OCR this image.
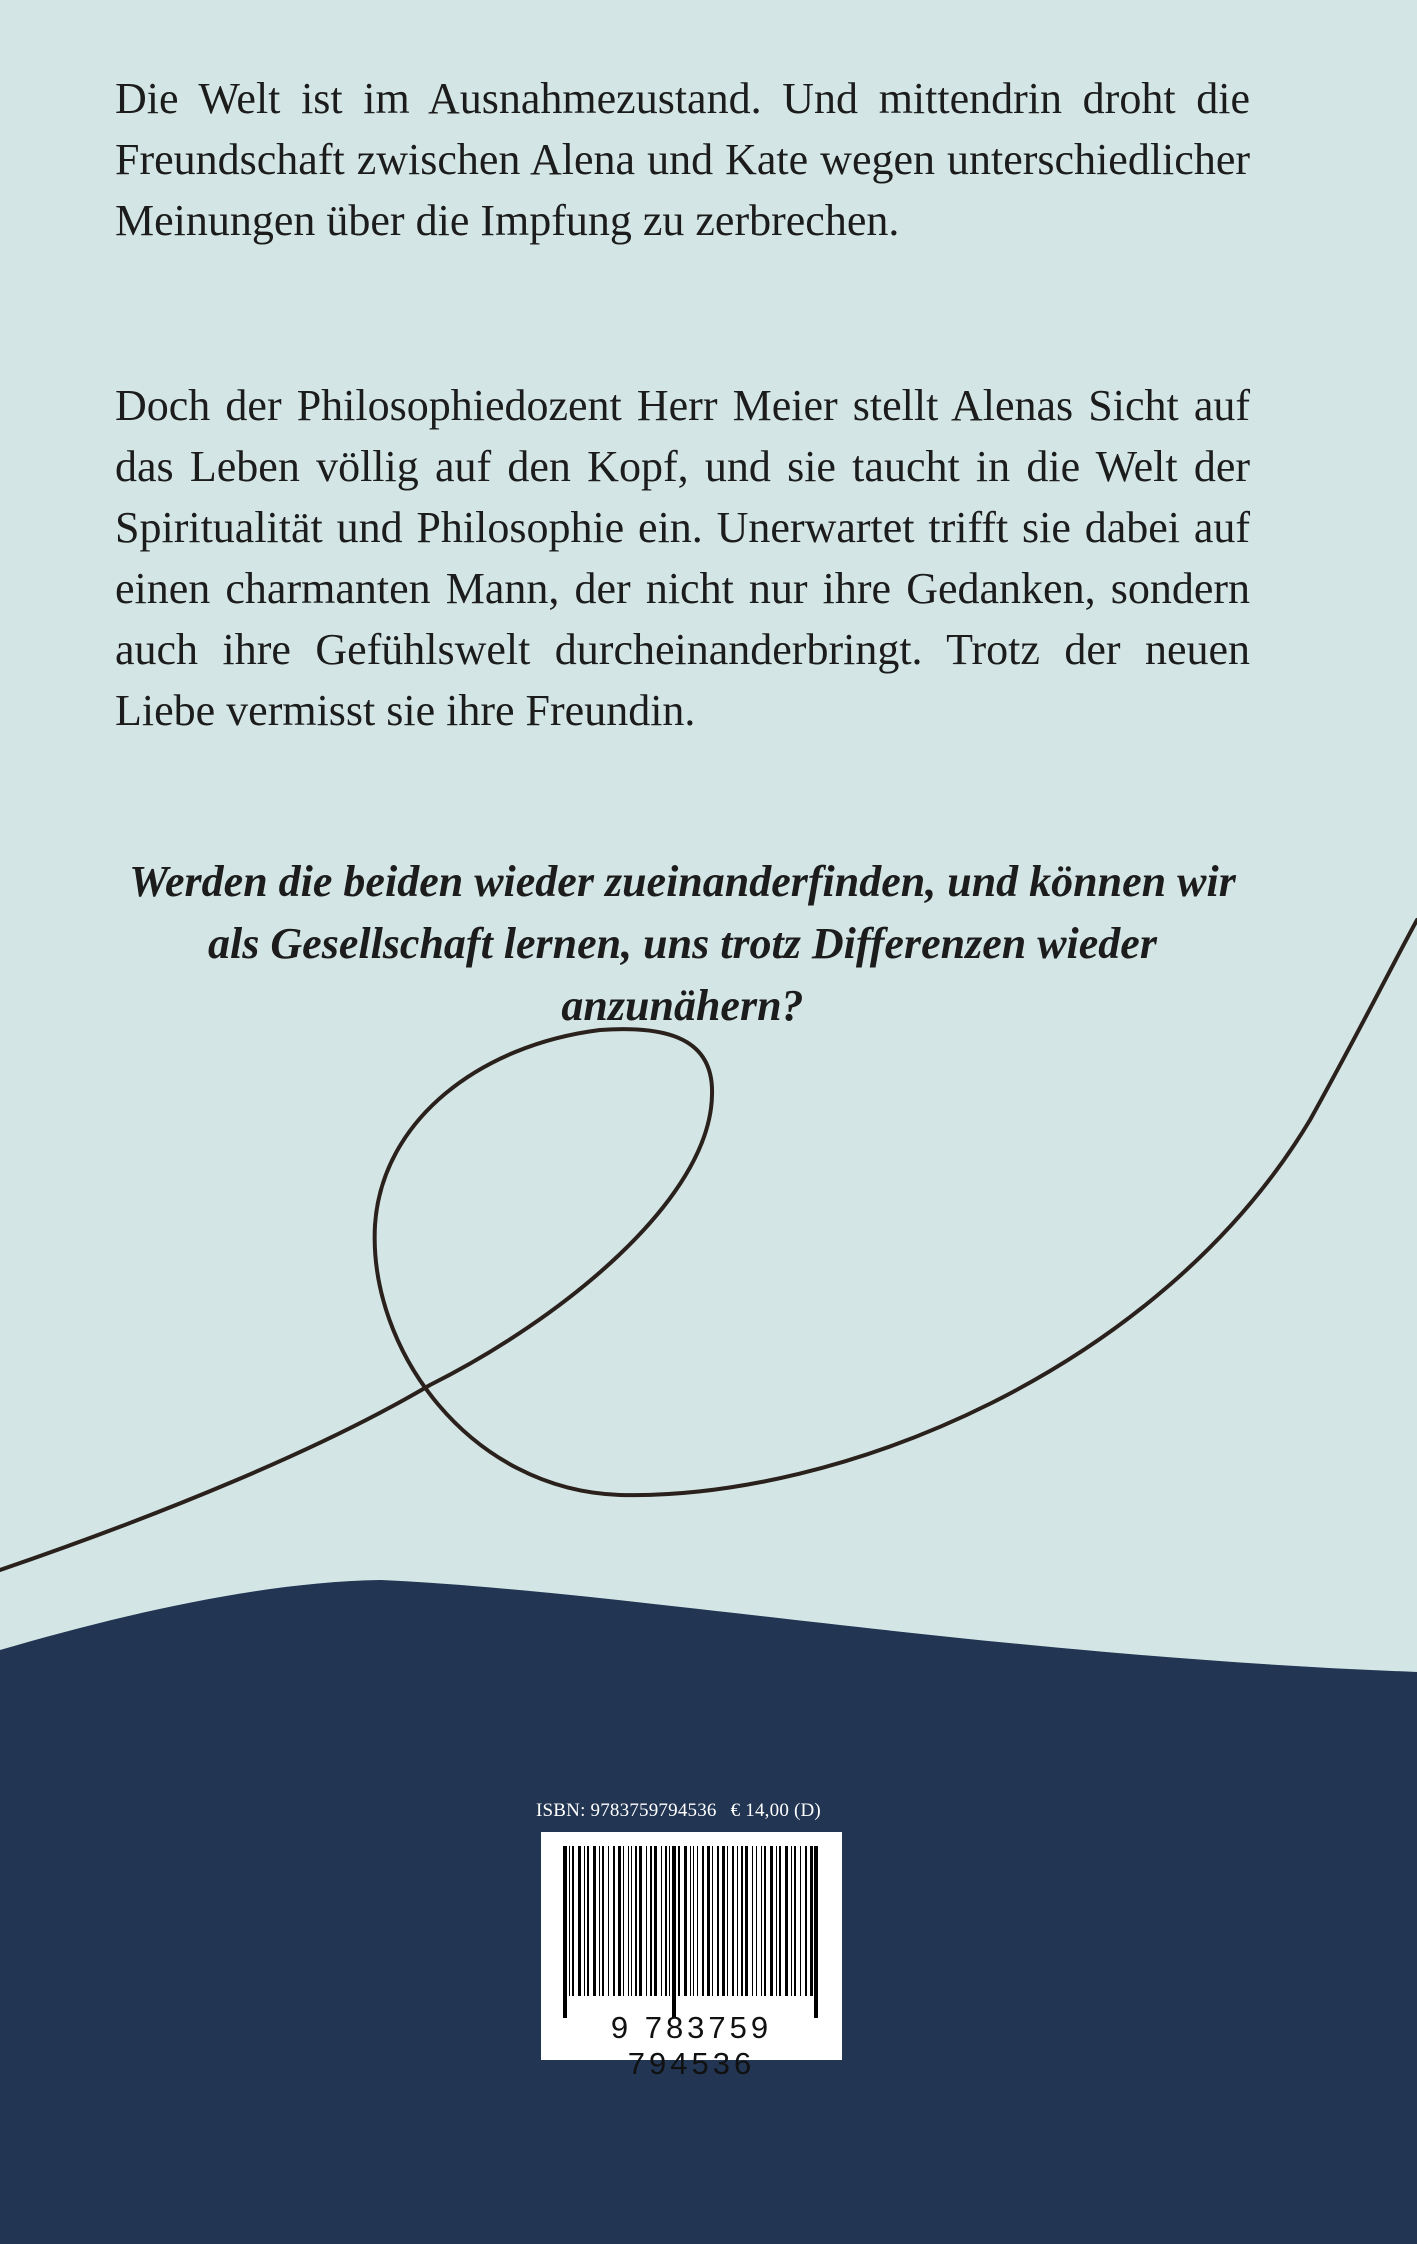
Die Welt ist im Ausnahmezustand. Und mittendrin droht die Freundschaft zwischen Alena und Kate wegen unterschiedlicher Meinungen über die Impfung zu zerbrechen.

Doch der Philosophiedozent Herr Meier stellt Alenas Sicht auf das Leben völlig auf den Kopf, und sie taucht in die Welt der Spiritualität und Philosophie ein. Unerwartet trifft sie dabei auf einen charmanten Mann, der nicht nur ihre Gedanken, sondern auch ihre Gefühlswelt durcheinanderbringt. Trotz der neuen Liebe vermisst sie ihre Freundin.

Werden die beiden wieder zueinanderfinden, und können wir als Gesellschaft lernen, uns trotz Differenzen wieder anzunähern?

ISBN: 9783759794536 € 14,00 (D)
9 783759 794536
